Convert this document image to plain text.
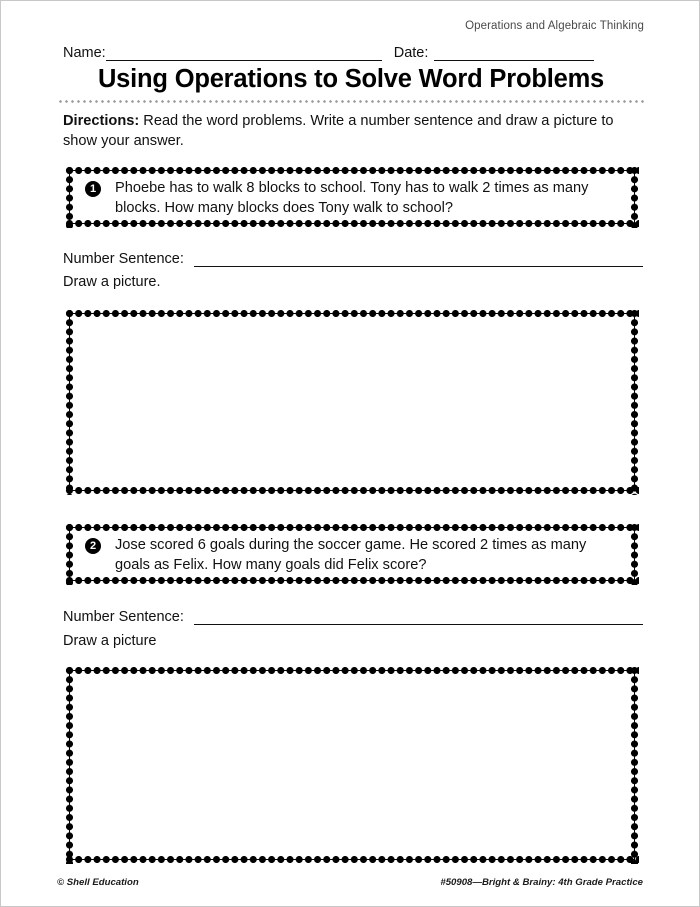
Operations and Algebraic Thinking
Name:	Date:
Using Operations to Solve Word Problems
Directions: Read the word problems. Write a number sentence and draw a picture to show your answer.
1	Phoebe has to walk 8 blocks to school. Tony has to walk 2 times as many blocks. How many blocks does Tony walk to school?
Number Sentence:
Draw a picture.
2	Jose scored 6 goals during the soccer game. He scored 2 times as many goals as Felix. How many goals did Felix score?
Number Sentence:
Draw a picture
© Shell Education	#50908—Bright & Brainy: 4th Grade Practice
